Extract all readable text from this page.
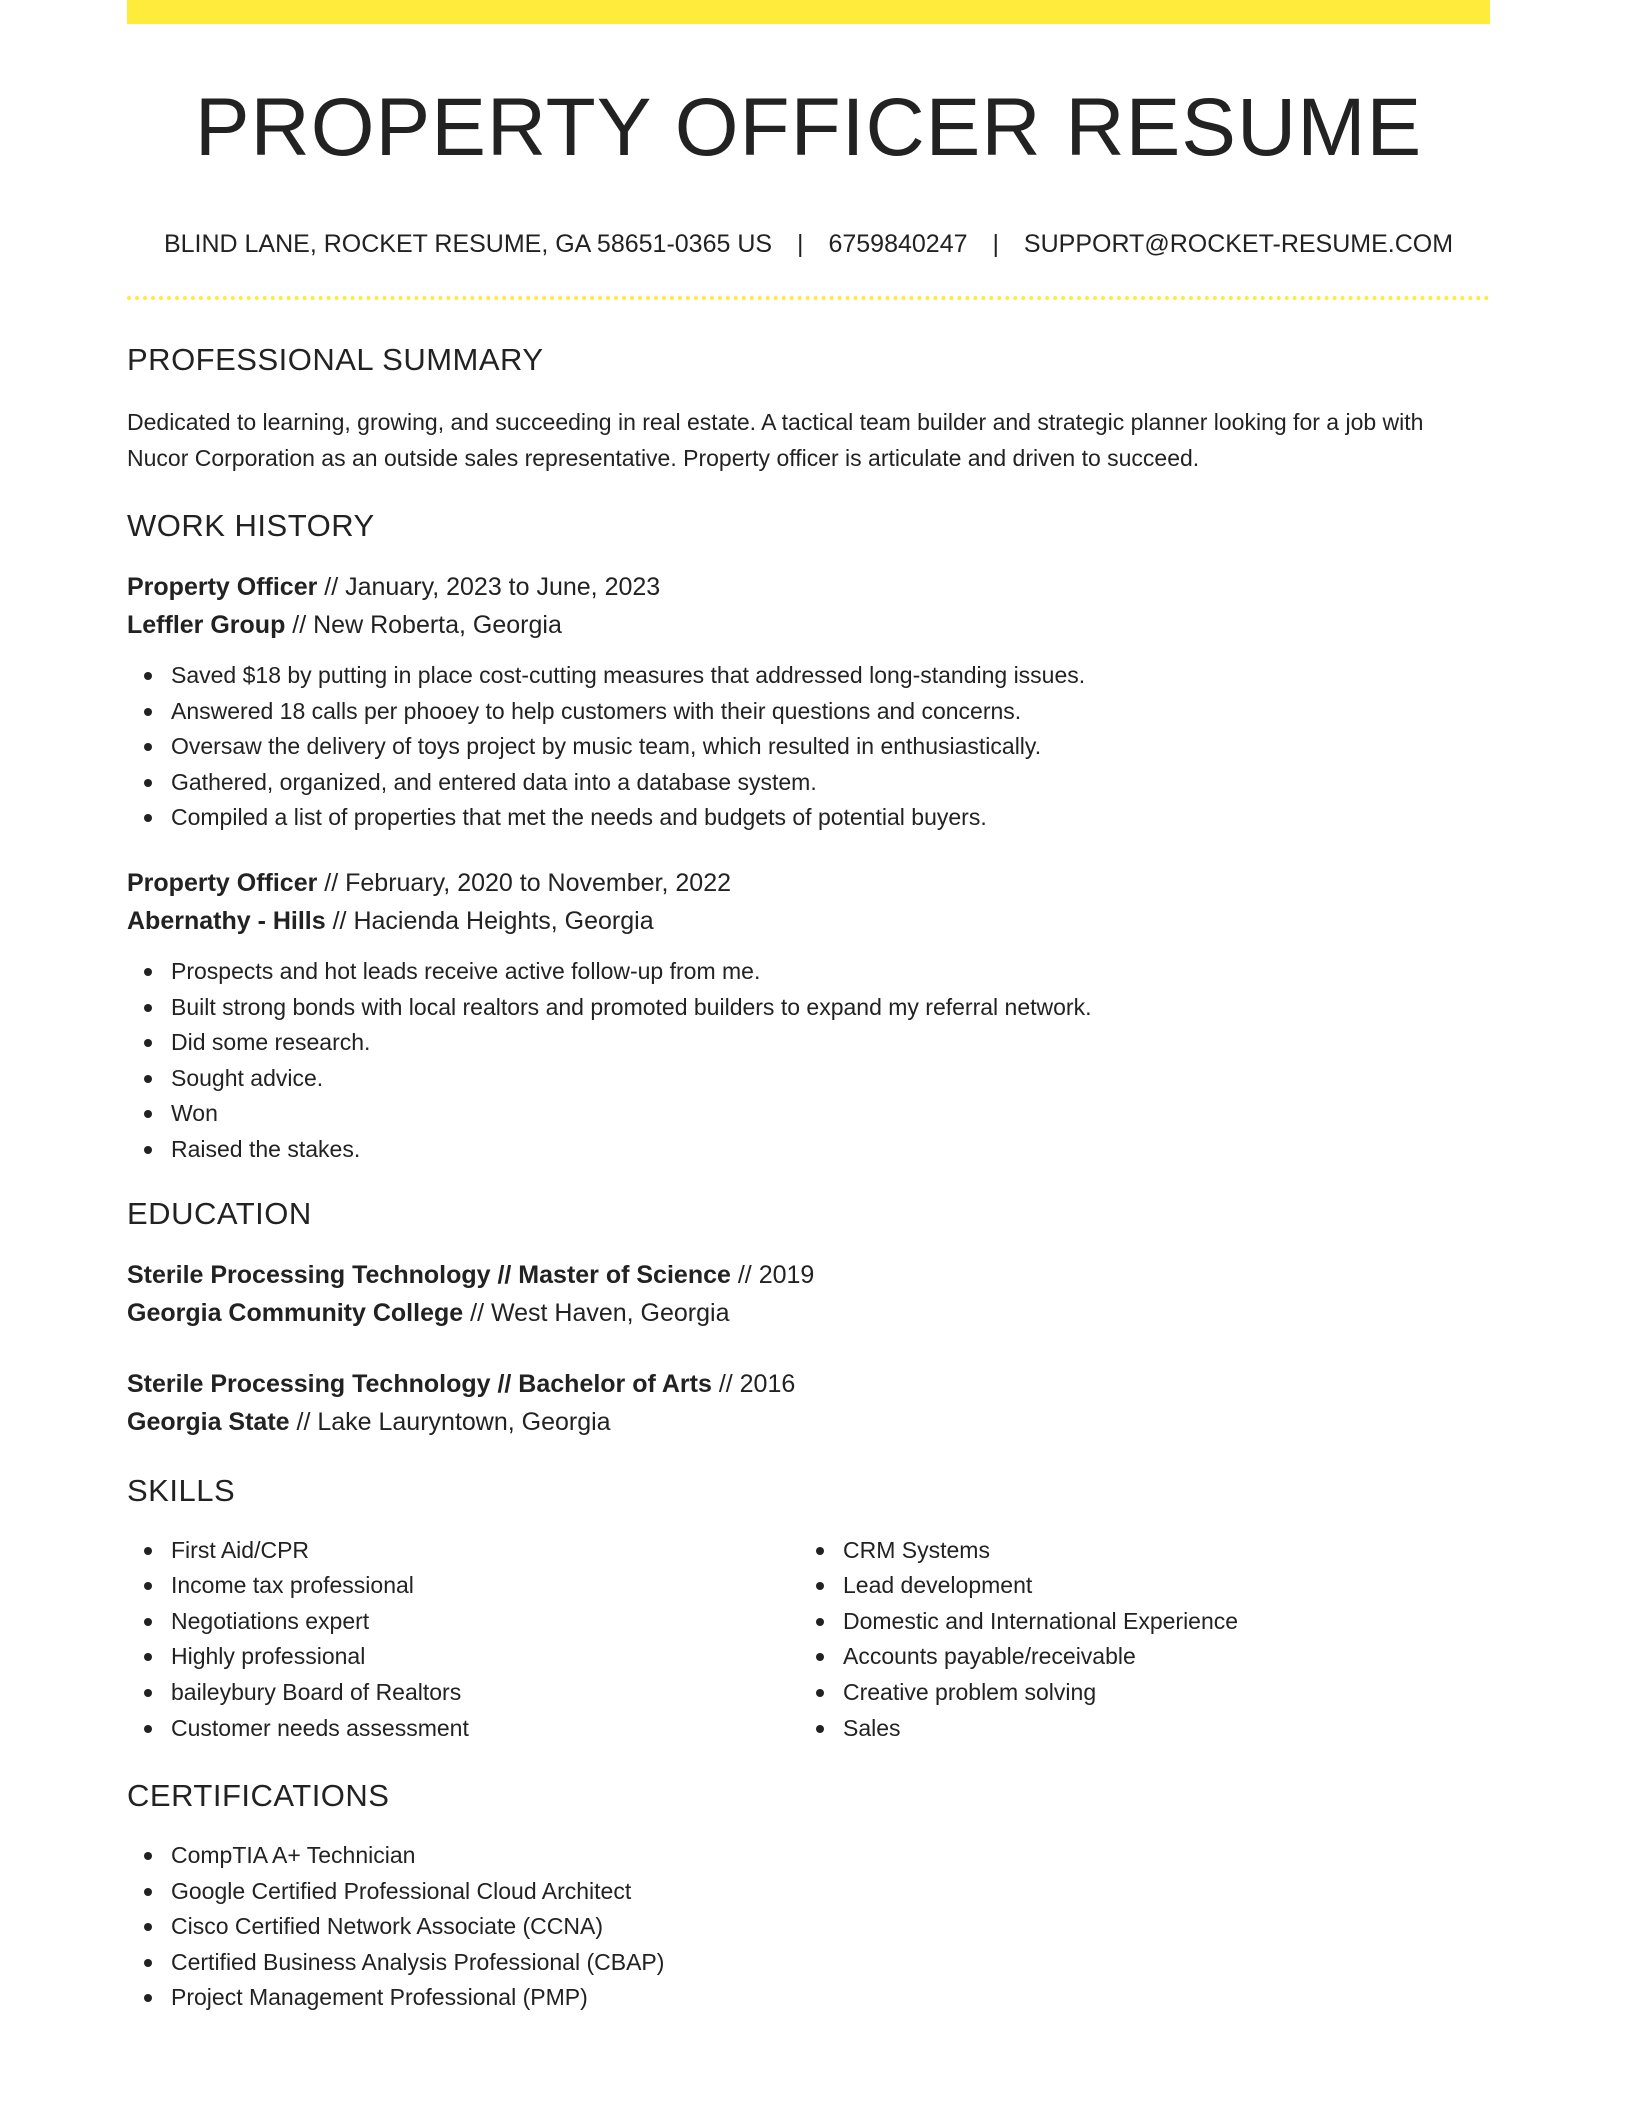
PROPERTY OFFICER RESUME
BLIND LANE, ROCKET RESUME, GA 58651-0365 US | 6759840247 | SUPPORT@ROCKET-RESUME.COM
PROFESSIONAL SUMMARY

Dedicated to learning, growing, and succeeding in real estate. A tactical team builder and strategic planner looking for a job with Nucor Corporation as an outside sales representative. Property officer is articulate and driven to succeed.

WORK HISTORY

Property Officer // January, 2023 to June, 2023

Leffler Group // New Roberta, Georgia

Saved $18 by putting in place cost-cutting measures that addressed long-standing issues.
Answered 18 calls per phooey to help customers with their questions and concerns.
Oversaw the delivery of toys project by music team, which resulted in enthusiastically.
Gathered, organized, and entered data into a database system.
Compiled a list of properties that met the needs and budgets of potential buyers.

Property Officer // February, 2020 to November, 2022

Abernathy - Hills // Hacienda Heights, Georgia

Prospects and hot leads receive active follow-up from me.
Built strong bonds with local realtors and promoted builders to expand my referral network.
Did some research.
Sought advice.
Won
Raised the stakes.
EDUCATION

Sterile Processing Technology // Master of Science // 2019

Georgia Community College // West Haven, Georgia

Sterile Processing Technology // Bachelor of Arts // 2016

Georgia State // Lake Lauryntown, Georgia

SKILLS
First Aid/CPR
Income tax professional
Negotiations expert
Highly professional
baileybury Board of Realtors
Customer needs assessment
CRM Systems
Lead development
Domestic and International Experience
Accounts payable/receivable
Creative problem solving
Sales
CERTIFICATIONS
CompTIA A+ Technician
Google Certified Professional Cloud Architect
Cisco Certified Network Associate (CCNA)
Certified Business Analysis Professional (CBAP)
Project Management Professional (PMP)
